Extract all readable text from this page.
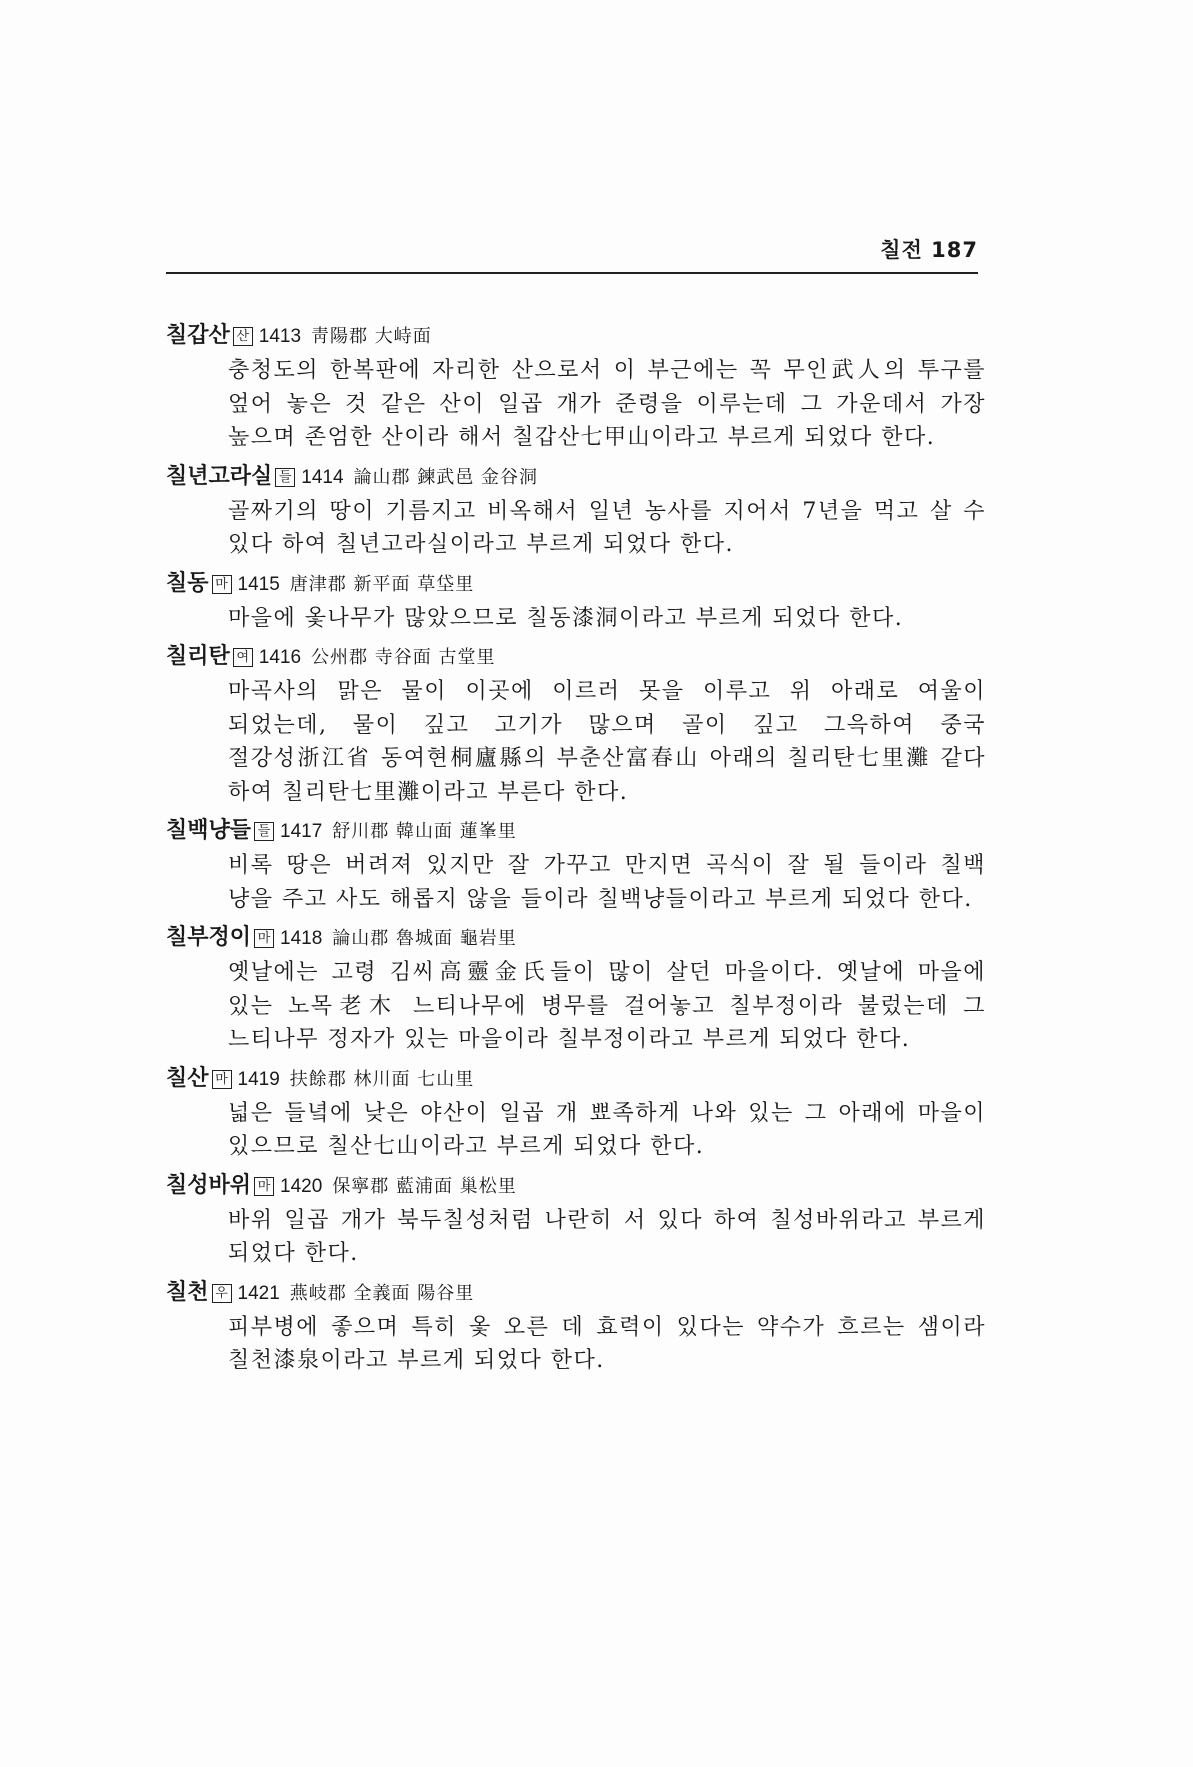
칠전 187
칠갑산 산 1413 靑陽郡 大峙面

충청도의 한복판에 자리한 산으로서 이 부근에는 꼭 무인武人의 투구를 엎어 놓은 것 같은 산이 일곱 개가 준령을 이루는데 그 가운데서 가장 높으며 존엄한 산이라 해서 칠갑산七甲山이라고 부르게 되었다 한다.

칠년고라실 들 1414 論山郡 鍊武邑 金谷洞

골짜기의 땅이 기름지고 비옥해서 일년 농사를 지어서 7년을 먹고 살 수 있다 하여 칠년고라실이라고 부르게 되었다 한다.

칠동 마 1415 唐津郡 新平面 草垈里

마을에 옻나무가 많았으므로 칠동漆洞이라고 부르게 되었다 한다.

칠리탄 여 1416 公州郡 寺谷面 古堂里

마곡사의 맑은 물이 이곳에 이르러 못을 이루고 위 아래로 여울이 되었는데, 물이 깊고 고기가 많으며 골이 깊고 그윽하여 중국 절강성浙江省 동여현桐廬縣의 부춘산富春山 아래의 칠리탄七里灘 같다 하여 칠리탄七里灘이라고 부른다 한다.

칠백냥들 들 1417 舒川郡 韓山面 蓮峯里

비록 땅은 버려져 있지만 잘 가꾸고 만지면 곡식이 잘 될 들이라 칠백 냥을 주고 사도 해롭지 않을 들이라 칠백냥들이라고 부르게 되었다 한다.

칠부정이 마 1418 論山郡 魯城面 龜岩里

옛날에는 고령 김씨高靈金氏들이 많이 살던 마을이다. 옛날에 마을에 있는 노목老木 느티나무에 병무를 걸어놓고 칠부정이라 불렀는데 그 느티나무 정자가 있는 마을이라 칠부정이라고 부르게 되었다 한다.

칠산 마 1419 扶餘郡 林川面 七山里

넓은 들녘에 낮은 야산이 일곱 개 뾰족하게 나와 있는 그 아래에 마을이 있으므로 칠산七山이라고 부르게 되었다 한다.

칠성바위 마 1420 保寧郡 藍浦面 巢松里

바위 일곱 개가 북두칠성처럼 나란히 서 있다 하여 칠성바위라고 부르게 되었다 한다.

칠천 우 1421 燕岐郡 全義面 陽谷里

피부병에 좋으며 특히 옻 오른 데 효력이 있다는 약수가 흐르는 샘이라 칠천漆泉이라고 부르게 되었다 한다.
